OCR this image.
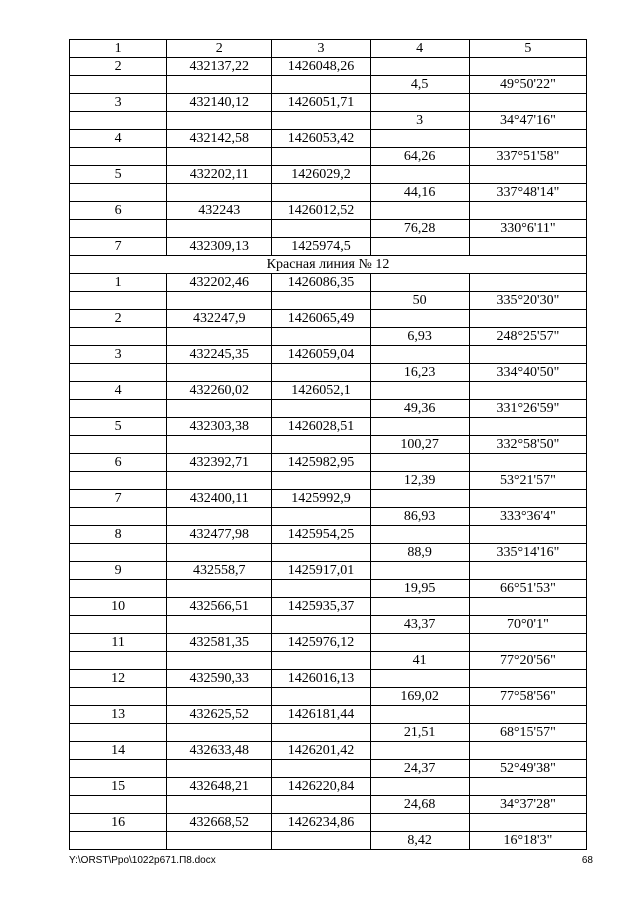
1	2	3	4	5
2	432137,22	1426048,26		
			4,5	49°50'22"
3	432140,12	1426051,71		
			3	34°47'16"
4	432142,58	1426053,42		
			64,26	337°51'58"
5	432202,11	1426029,2		
			44,16	337°48'14"
6	432243	1426012,52		
			76,28	330°6'11"
7	432309,13	1425974,5		
Красная линия № 12				
1	432202,46	1426086,35		
			50	335°20'30"
2	432247,9	1426065,49		
			6,93	248°25'57"
3	432245,35	1426059,04		
			16,23	334°40'50"
4	432260,02	1426052,1		
			49,36	331°26'59"
5	432303,38	1426028,51		
			100,27	332°58'50"
6	432392,71	1425982,95		
			12,39	53°21'57"
7	432400,11	1425992,9		
			86,93	333°36'4"
8	432477,98	1425954,25		
			88,9	335°14'16"
9	432558,7	1425917,01		
			19,95	66°51'53"
10	432566,51	1425935,37		
			43,37	70°0'1"
11	432581,35	1425976,12		
			41	77°20'56"
12	432590,33	1426016,13		
			169,02	77°58'56"
13	432625,52	1426181,44		
			21,51	68°15'57"
14	432633,48	1426201,42		
			24,37	52°49'38"
15	432648,21	1426220,84		
			24,68	34°37'28"
16	432668,52	1426234,86		
			8,42	16°18'3"
Y:\ORST\Ppo\1022p671.П8.docx	68
